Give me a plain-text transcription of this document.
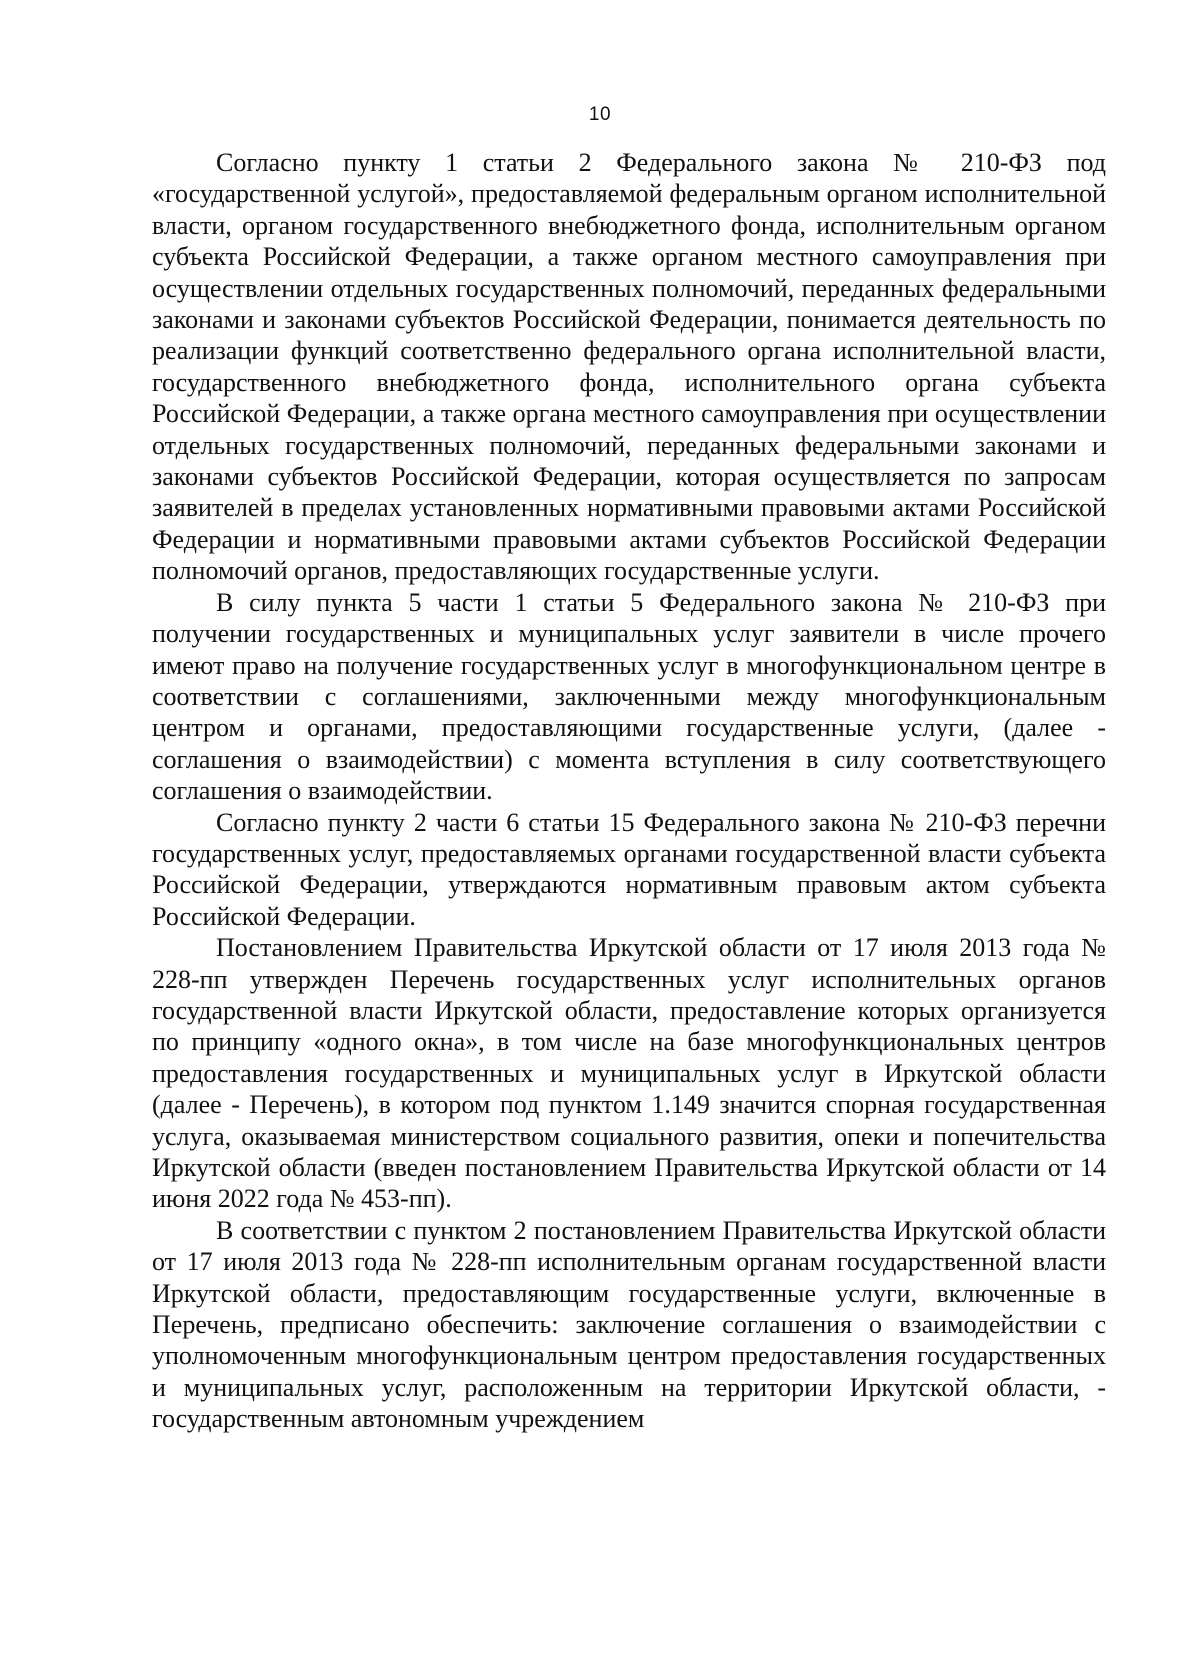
10

Согласно пункту 1 статьи 2 Федерального закона № 210-ФЗ под «государственной услугой», предоставляемой федеральным органом исполнительной власти, органом государственного внебюджетного фонда, исполнительным органом субъекта Российской Федерации, а также органом местного самоуправления при осуществлении отдельных государственных полномочий, переданных федеральными законами и законами субъектов Российской Федерации, понимается деятельность по реализации функций соответственно федерального органа исполнительной власти, государственного внебюджетного фонда, исполнительного органа субъекта Российской Федерации, а также органа местного самоуправления при осуществлении отдельных государственных полномочий, переданных федеральными законами и законами субъектов Российской Федерации, которая осуществляется по запросам заявителей в пределах установленных нормативными правовыми актами Российской Федерации и нормативными правовыми актами субъектов Российской Федерации полномочий органов, предоставляющих государственные услуги.

В силу пункта 5 части 1 статьи 5 Федерального закона № 210-ФЗ при получении государственных и муниципальных услуг заявители в числе прочего имеют право на получение государственных услуг в многофункциональном центре в соответствии с соглашениями, заключенными между многофункциональным центром и органами, предоставляющими государственные услуги, (далее - соглашения о взаимодействии) с момента вступления в силу соответствующего соглашения о взаимодействии.

Согласно пункту 2 части 6 статьи 15 Федерального закона № 210-ФЗ перечни государственных услуг, предоставляемых органами государственной власти субъекта Российской Федерации, утверждаются нормативным правовым актом субъекта Российской Федерации.

Постановлением Правительства Иркутской области от 17 июля 2013 года № 228-пп утвержден Перечень государственных услуг исполнительных органов государственной власти Иркутской области, предоставление которых организуется по принципу «одного окна», в том числе на базе многофункциональных центров предоставления государственных и муниципальных услуг в Иркутской области (далее - Перечень), в котором под пунктом 1.149 значится спорная государственная услуга, оказываемая министерством социального развития, опеки и попечительства Иркутской области (введен постановлением Правительства Иркутской области от 14 июня 2022 года № 453-пп).

В соответствии с пунктом 2 постановлением Правительства Иркутской области от 17 июля 2013 года № 228-пп исполнительным органам государственной власти Иркутской области, предоставляющим государственные услуги, включенные в Перечень, предписано обеспечить: заключение соглашения о взаимодействии с уполномоченным многофункциональным центром предоставления государственных и муниципальных услуг, расположенным на территории Иркутской области, - государственным автономным учреждением
